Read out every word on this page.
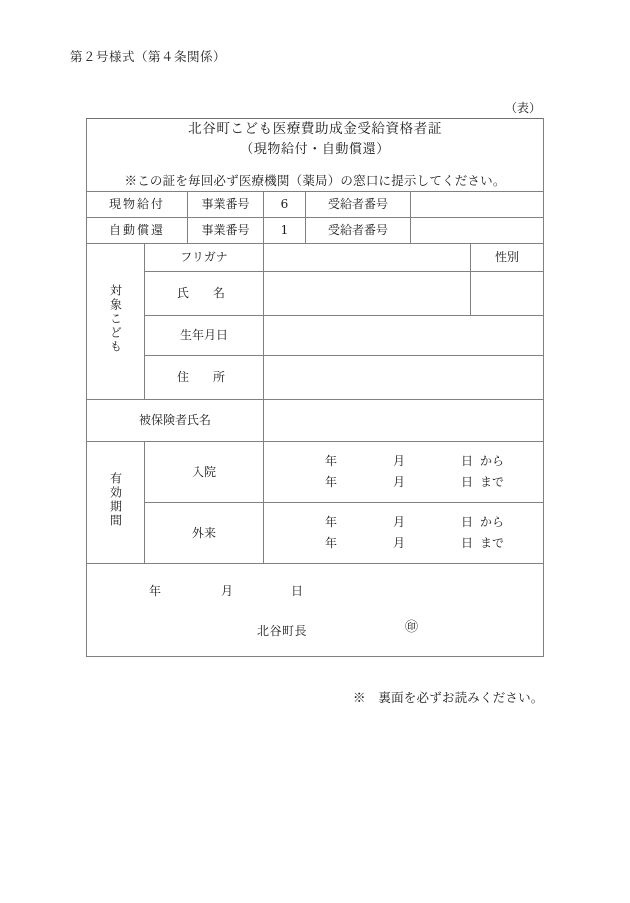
第２号様式（第４条関係）
（表）
北谷町こども医療費助成金受給資格者証
（現物給付・自動償還）
※この証を毎回必ず医療機関（薬局）の窓口に提示してください。						

現物給付		事業番号	6	受給者番号		
自動償還		事業番号	1	受給者番号		
対象こども	フリガナ					性別
	氏　名					
	生年月日					
	住　所					
被保険者氏名						
有効期間	入院		年 月 日 から
年 月 日 まで			

	外来		年 月 日 から
年 月 日 まで			

年 月 日
北谷町長 ㊞						
※　裏面を必ずお読みください。
